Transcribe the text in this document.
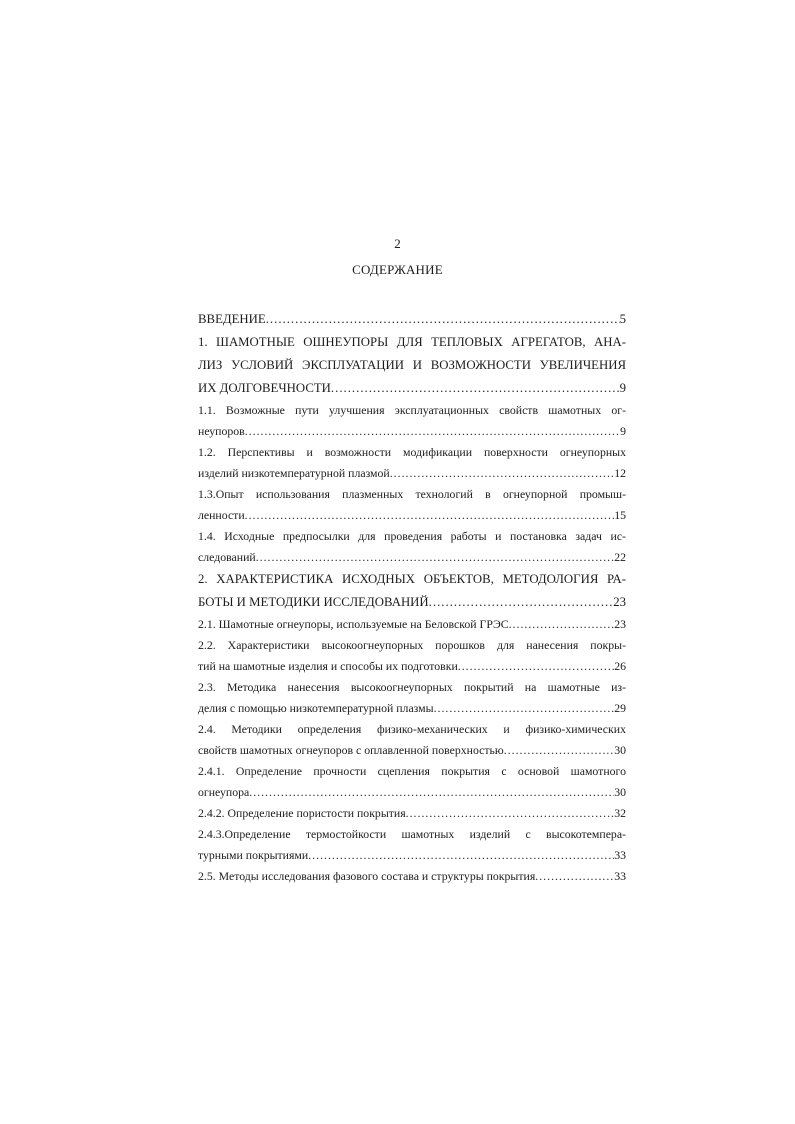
2
СОДЕРЖАНИЕ
ВВЕДЕНИЕ .....	5
1. ШАМОТНЫЕ ОШНЕУПОРЫ ДЛЯ ТЕПЛОВЫХ АГРЕГАТОВ, АНА-
ЛИЗ УСЛОВИЙ ЭКСПЛУАТАЦИИ И ВОЗМОЖНОСТИ УВЕЛИЧЕНИЯ
ИХ ДОЛГОВЕЧНОСТИ .....	9
1.1. Возможные пути улучшения эксплуатационных свойств шамотных ог-
неупоров .....	9
1.2. Перспективы и возможности модификации поверхности огнеупорных
изделий низкотемпературной плазмой .....	12
1.3.Опыт использования плазменных технологий в огнеупорной промыш-
ленности .....	15
1.4. Исходные предпосылки для проведения работы и постановка задач ис-
следований .....	22
2. ХАРАКТЕРИСТИКА ИСХОДНЫХ ОБЪЕКТОВ, МЕТОДОЛОГИЯ РА-
БОТЫ И МЕТОДИКИ ИССЛЕДОВАНИЙ .....	23
2.1. Шамотные огнеупоры, используемые на Беловской ГРЭС .....	23
2.2. Характеристики высокоогнеупорных порошков для нанесения покры-
тий на шамотные изделия и способы их подготовки .....	26
2.3. Методика нанесения высокоогнеупорных покрытий на шамотные из-
делия с помощью низкотемпературной плазмы .....	29
2.4. Методики определения физико-механических и физико-химических
свойств шамотных огнеупоров с оплавленной поверхностью .....	30
2.4.1. Определение прочности сцепления покрытия с основой шамотного
огнеупора .....	30
2.4.2. Определение пористости покрытия .....	32
2.4.3.Определение термостойкости шамотных изделий с высокотемпера-
турными покрытиями .....	33
2.5. Методы исследования фазового состава и структуры покрытия .....	33
